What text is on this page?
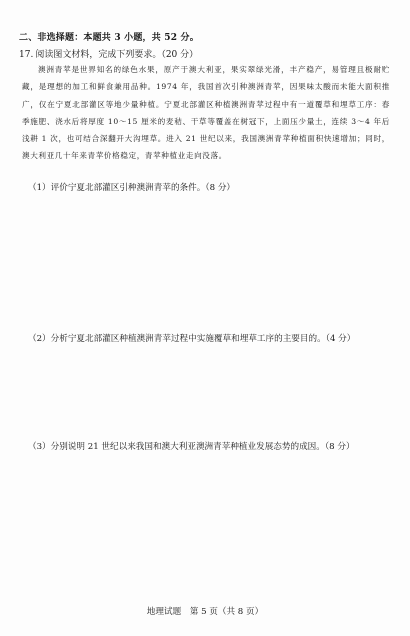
二、非选择题：本题共 3 小题，共 52 分。
17. 阅读图文材料，完成下列要求。（20 分）
澳洲青苹是世界知名的绿色水果，原产于澳大利亚，果实翠绿光滑，丰产稳产，易管理且极耐贮藏，是理想的加工和鲜食兼用品种。1974 年，我国首次引种澳洲青苹，因果味太酸而未能大面积推广，仅在宁夏北部灌区等地少量种植。宁夏北部灌区种植澳洲青苹过程中有一道覆草和埋草工序：春季施肥、浇水后将厚度 10～15 厘米的麦秸、干草等覆盖在树冠下，上面压少量土，连续 3～4 年后浅耕 1 次，也可结合深翻开大沟埋草。进入 21 世纪以来，我国澳洲青苹种植面积快速增加；同时，澳大利亚几十年来青苹价格稳定，青苹种植业走向没落。
（1）评价宁夏北部灌区引种澳洲青苹的条件。（8 分）
（2）分析宁夏北部灌区种植澳洲青苹过程中实施覆草和埋草工序的主要目的。（4 分）
（3）分别说明 21 世纪以来我国和澳大利亚澳洲青苹种植业发展态势的成因。（8 分）
地理试题　第 5 页（共 8 页）
